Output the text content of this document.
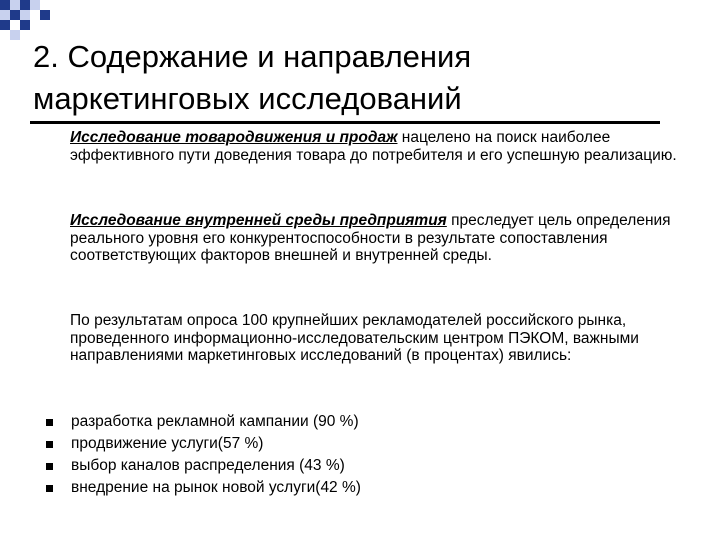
2. Содержание и направления маркетинговых исследований
Исследование товародвижения и продаж нацелено на поиск наиболее эффективного пути доведения товара до потребителя и его успешную реализацию.
Исследование внутренней среды предприятия преследует цель определения реального уровня его конкурентоспособности в результате сопоставления соответствующих факторов внешней и внутренней среды.
По результатам опроса 100 крупнейших рекламодателей российского рынка, проведенного информационно-исследовательским центром ПЭКОМ, важными направлениями маркетинговых исследований (в процентах) явились:
разработка рекламной кампании (90 %)
продвижение услуги(57 %)
выбор каналов распределения (43 %)
внедрение на рынок новой услуги(42 %)
